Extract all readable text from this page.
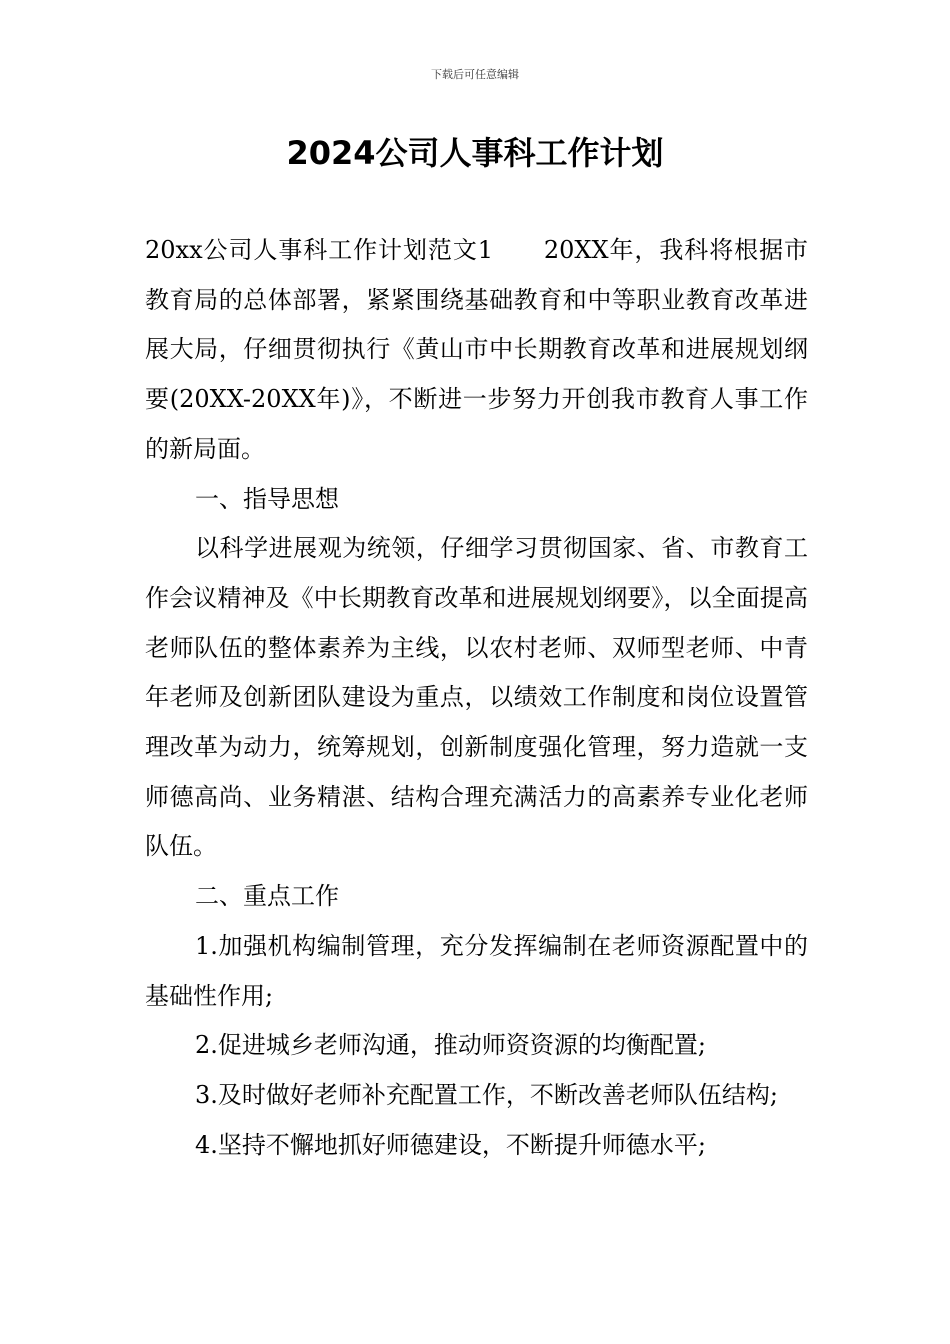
下载后可任意编辑
2024公司人事科工作计划

20xx公司人事科工作计划范文1　　20XX年，我科将根据市教育局的总体部署，紧紧围绕基础教育和中等职业教育改革进展大局，仔细贯彻执行《黄山市中长期教育改革和进展规划纲要(20XX-20XX年)》，不断进一步努力开创我市教育人事工作的新局面。

一、指导思想

以科学进展观为统领，仔细学习贯彻国家、省、市教育工作会议精神及《中长期教育改革和进展规划纲要》，以全面提高老师队伍的整体素养为主线，以农村老师、双师型老师、中青年老师及创新团队建设为重点，以绩效工作制度和岗位设置管理改革为动力，统筹规划，创新制度强化管理，努力造就一支师德高尚、业务精湛、结构合理充满活力的高素养专业化老师队伍。

二、重点工作

1.加强机构编制管理，充分发挥编制在老师资源配置中的基础性作用;

2.促进城乡老师沟通，推动师资资源的均衡配置;

3.及时做好老师补充配置工作，不断改善老师队伍结构;

4.坚持不懈地抓好师德建设，不断提升师德水平;
